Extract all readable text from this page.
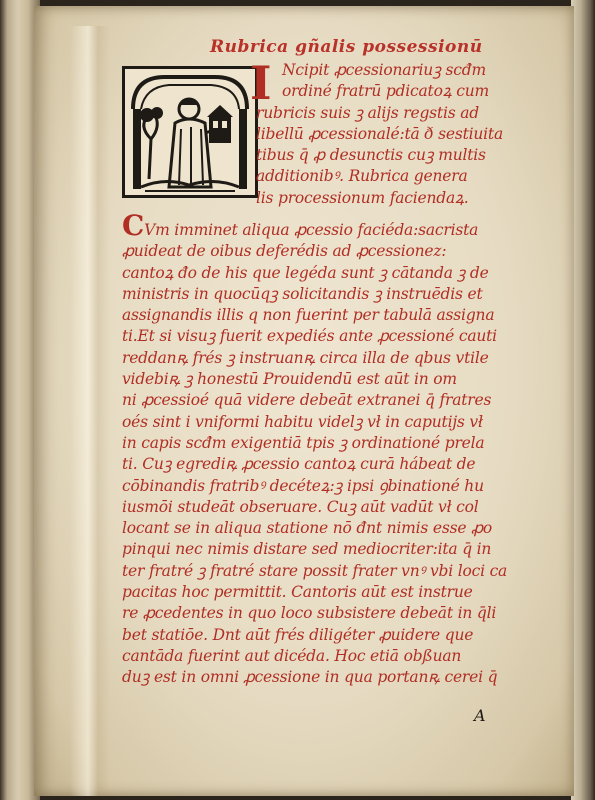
Rubrica gñalis possessionū
I Ncipit ꝓcessionariuꝫ scđm
ordiné fratrū pdicatoꝝ cum
rubricis suis ꝫ alijs regstis ad
libellū ꝓcessionalé:tā ð sestiuita
tibus q̄ ꝓ desunctis cuꝫ multis
additionibꝰ. Rubrica genera
lis processionum faciendaꝝ.
CVm imminet aliqua ꝓcessio faciéda:sacrista
ꝓuideat de oibus deferédis ad ꝓcessionez:
cantoꝝ đo de his que legéda sunt ꝫ cātanda ꝫ de
ministris in quocūqꝫ solicitandis ꝫ instruēdis et
assignandis illis q non fuerint per tabulā assigna
ti.Et si visuꝫ fuerit expediés ante ꝓcessioné cauti
reddanꝶ frés ꝫ instruanꝶ circa illa de qbus vtile
videbiꝶ ꝫ honestū Prouidendū est aūt in om
ni ꝓcessioé quā videre debeāt extranei q̄ fratres
oés sint i vniformi habitu videlꝫ vł in caputijs vł
in capis scđm exigentiā tpis ꝫ ordinationé prela
ti. Cuꝫ egrediꝶ ꝓcessio cantoꝝ curā hábeat de
cōbinandis fratribꝰ decéteꝝ:ꝫ ipsi ꝯbinationé hu
iusmōi studeāt obseruare. Cuꝫ aūt vadūt vł col
locant se in aliqua statione nō đnt nimis esse ꝓo
pinqui nec nimis distare sed mediocriter:ita q̄ in
ter fratré ꝫ fratré stare possit frater vnꝰ vbi loci ca
pacitas hoc permittit. Cantoris aūt est instrue
re ꝓcedentes in quo loco subsistere debeāt in q̄li
bet statiōe. Dnt aūt frés diligéter ꝓuidere que
cantāda fuerint aut dicéda. Hoc etiā obßuan
duꝫ est in omni ꝓcessione in qua portanꝶ cerei q̄
A
